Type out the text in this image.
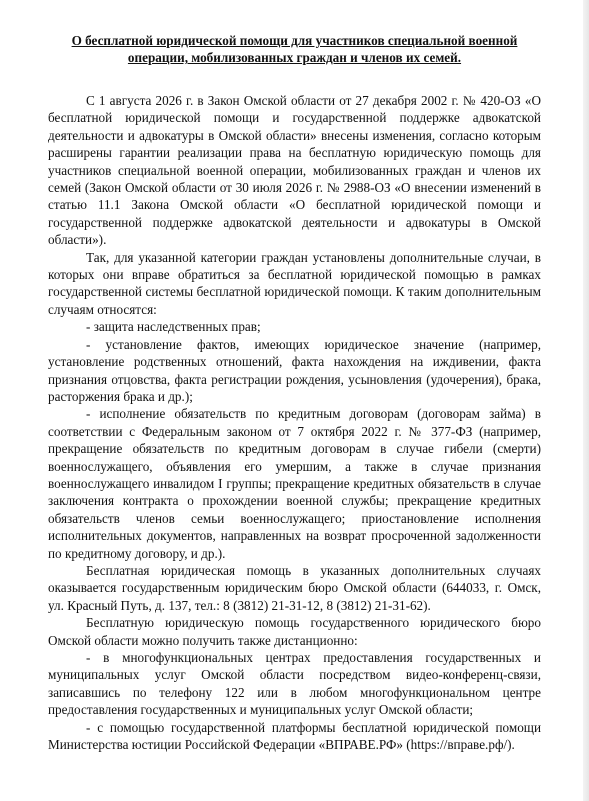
О бесплатной юридической помощи для участников специальной военной операции, мобилизованных граждан и членов их семей.

С 1 августа 2026 г. в Закон Омской области от 27 декабря 2002 г. № 420-ОЗ «О бесплатной юридической помощи и государственной поддержке адвокатской деятельности и адвокатуры в Омской области» внесены изменения, согласно которым расширены гарантии реализации права на бесплатную юридическую помощь для участников специальной военной операции, мобилизованных граждан и членов их семей (Закон Омской области от 30 июля 2026 г. № 2988-ОЗ «О внесении изменений в статью 11.1 Закона Омской области «О бесплатной юридической помощи и государственной поддержке адвокатской деятельности и адвокатуры в Омской области»).

Так, для указанной категории граждан установлены дополнительные случаи, в которых они вправе обратиться за бесплатной юридической помощью в рамках государственной системы бесплатной юридической помощи. К таким дополнительным случаям относятся:

- защита наследственных прав;

- установление фактов, имеющих юридическое значение (например, установление родственных отношений, факта нахождения на иждивении, факта признания отцовства, факта регистрации рождения, усыновления (удочерения), брака, расторжения брака и др.);

- исполнение обязательств по кредитным договорам (договорам займа) в соответствии с Федеральным законом от 7 октября 2022 г. № 377-ФЗ (например, прекращение обязательств по кредитным договорам в случае гибели (смерти) военнослужащего, объявления его умершим, а также в случае признания военнослужащего инвалидом I группы; прекращение кредитных обязательств в случае заключения контракта о прохождении военной службы; прекращение кредитных обязательств членов семьи военнослужащего; приостановление исполнения исполнительных документов, направленных на возврат просроченной задолженности по кредитному договору, и др.).

Бесплатная юридическая помощь в указанных дополнительных случаях оказывается государственным юридическим бюро Омской области (644033, г. Омск, ул. Красный Путь, д. 137, тел.: 8 (3812) 21-31-12, 8 (3812) 21-31-62).

Бесплатную юридическую помощь государственного юридического бюро Омской области можно получить также дистанционно:

- в многофункциональных центрах предоставления государственных и муниципальных услуг Омской области посредством видео-конференц-связи, записавшись по телефону 122 или в любом многофункциональном центре предоставления государственных и муниципальных услуг Омской области;

- с помощью государственной платформы бесплатной юридической помощи Министерства юстиции Российской Федерации «ВПРАВЕ.РФ» (https://вправе.рф/).
